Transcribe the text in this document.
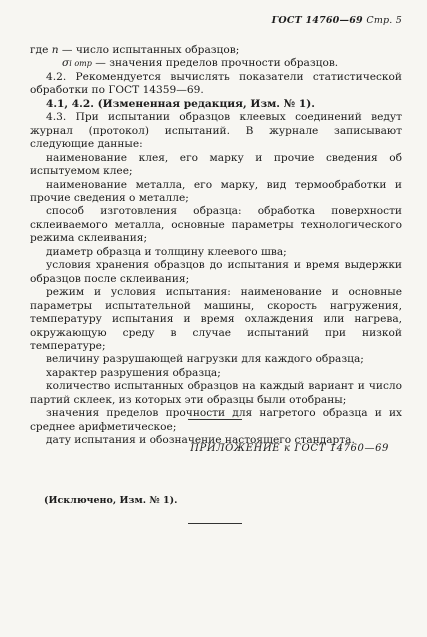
ГОСТ 14760—69 Стр. 5

где n — число испытанных образцов;

σi отр — значения пределов прочности образцов.

4.2. Рекомендуется вычислять показатели статистической обработки по ГОСТ 14359—69.

4.1, 4.2. (Измененная редакция, Изм. № 1).

4.3. При испытании образцов клеевых соединений ведут журнал (протокол) испытаний. В журнале записывают следующие данные:

наименование клея, его марку и прочие сведения об испытуемом клее;

наименование металла, его марку, вид термообработки и прочие сведения о металле;

способ изготовления образца: обработка поверхности склеиваемого металла, основные параметры технологического режима склеивания;

диаметр образца и толщину клеевого шва;

условия хранения образцов до испытания и время выдержки образцов после склеивания;

режим и условия испытания: наименование и основные параметры испытательной машины, скорость нагружения, температуру испытания и время охлаждения или нагрева, окружающую среду в случае испытаний при низкой температуре;

величину разрушающей нагрузки для каждого образца;

характер разрушения образца;

количество испытанных образцов на каждый вариант и число партий склеек, из которых эти образцы были отобраны;

значения пределов прочности для нагретого образца и их среднее арифметическое;

дату испытания и обозначение настоящего стандарта.

ПРИЛОЖЕНИЕ к ГОСТ 14760—69
(Исключено, Изм. № 1).
